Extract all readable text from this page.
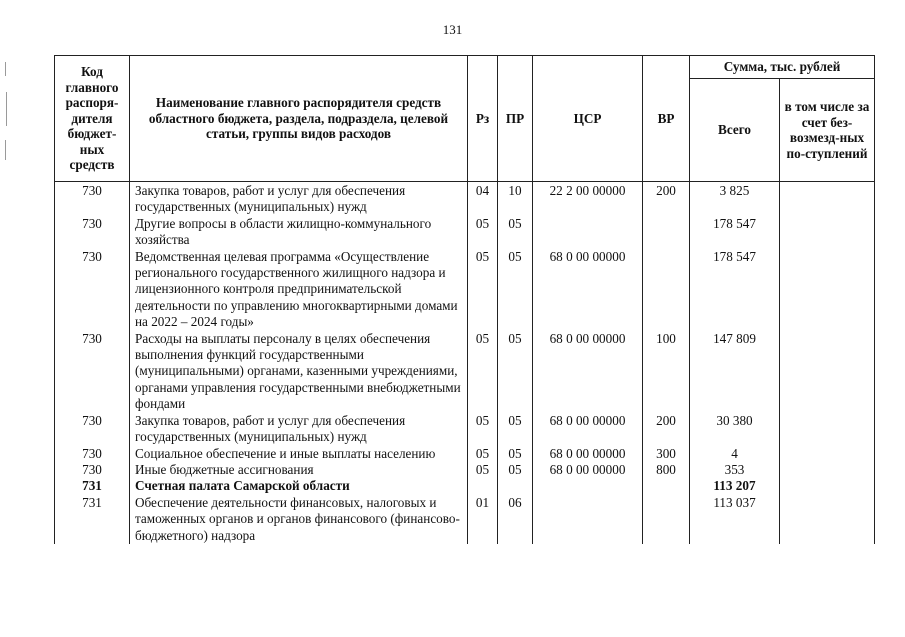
131
Код главного распоря-дителя бюджет-ных средств	Наименование главного распорядителя средств областного бюджета, раздела, подраздела, целевой статьи, группы видов расходов	Рз	ПР	ЦСР	ВР	Сумма, тыс. рублей	
						Всего	в том числе за счет без-возмезд-ных по-ступлений
730	Закупка товаров, работ и услуг для обеспечения государственных (муниципальных) нужд	04	10	22 2 00 00000	200	3 825	
730	Другие вопросы в области жилищно-коммунального хозяйства	05	05			178 547	
730	Ведомственная целевая программа «Осуществление регионального государственного жилищного надзора и лицензионного контроля предпринимательской деятельности по управлению многоквартирными домами на 2022 – 2024 годы»	05	05	68 0 00 00000		178 547	
730	Расходы на выплаты персоналу в целях обеспечения выполнения функций государственными (муниципальными) органами, казенными учреждениями, органами управления государственными внебюджетными фондами	05	05	68 0 00 00000	100	147 809	
730	Закупка товаров, работ и услуг для обеспечения государственных (муниципальных) нужд	05	05	68 0 00 00000	200	30 380	
730	Социальное обеспечение и иные выплаты населению	05	05	68 0 00 00000	300	4	
730	Иные бюджетные ассигнования	05	05	68 0 00 00000	800	353	
731	Счетная палата Самарской области					113 207	
731	Обеспечение деятельности финансовых, налоговых и таможенных органов и органов финансового (финансово-бюджетного) надзора	01	06			113 037	
